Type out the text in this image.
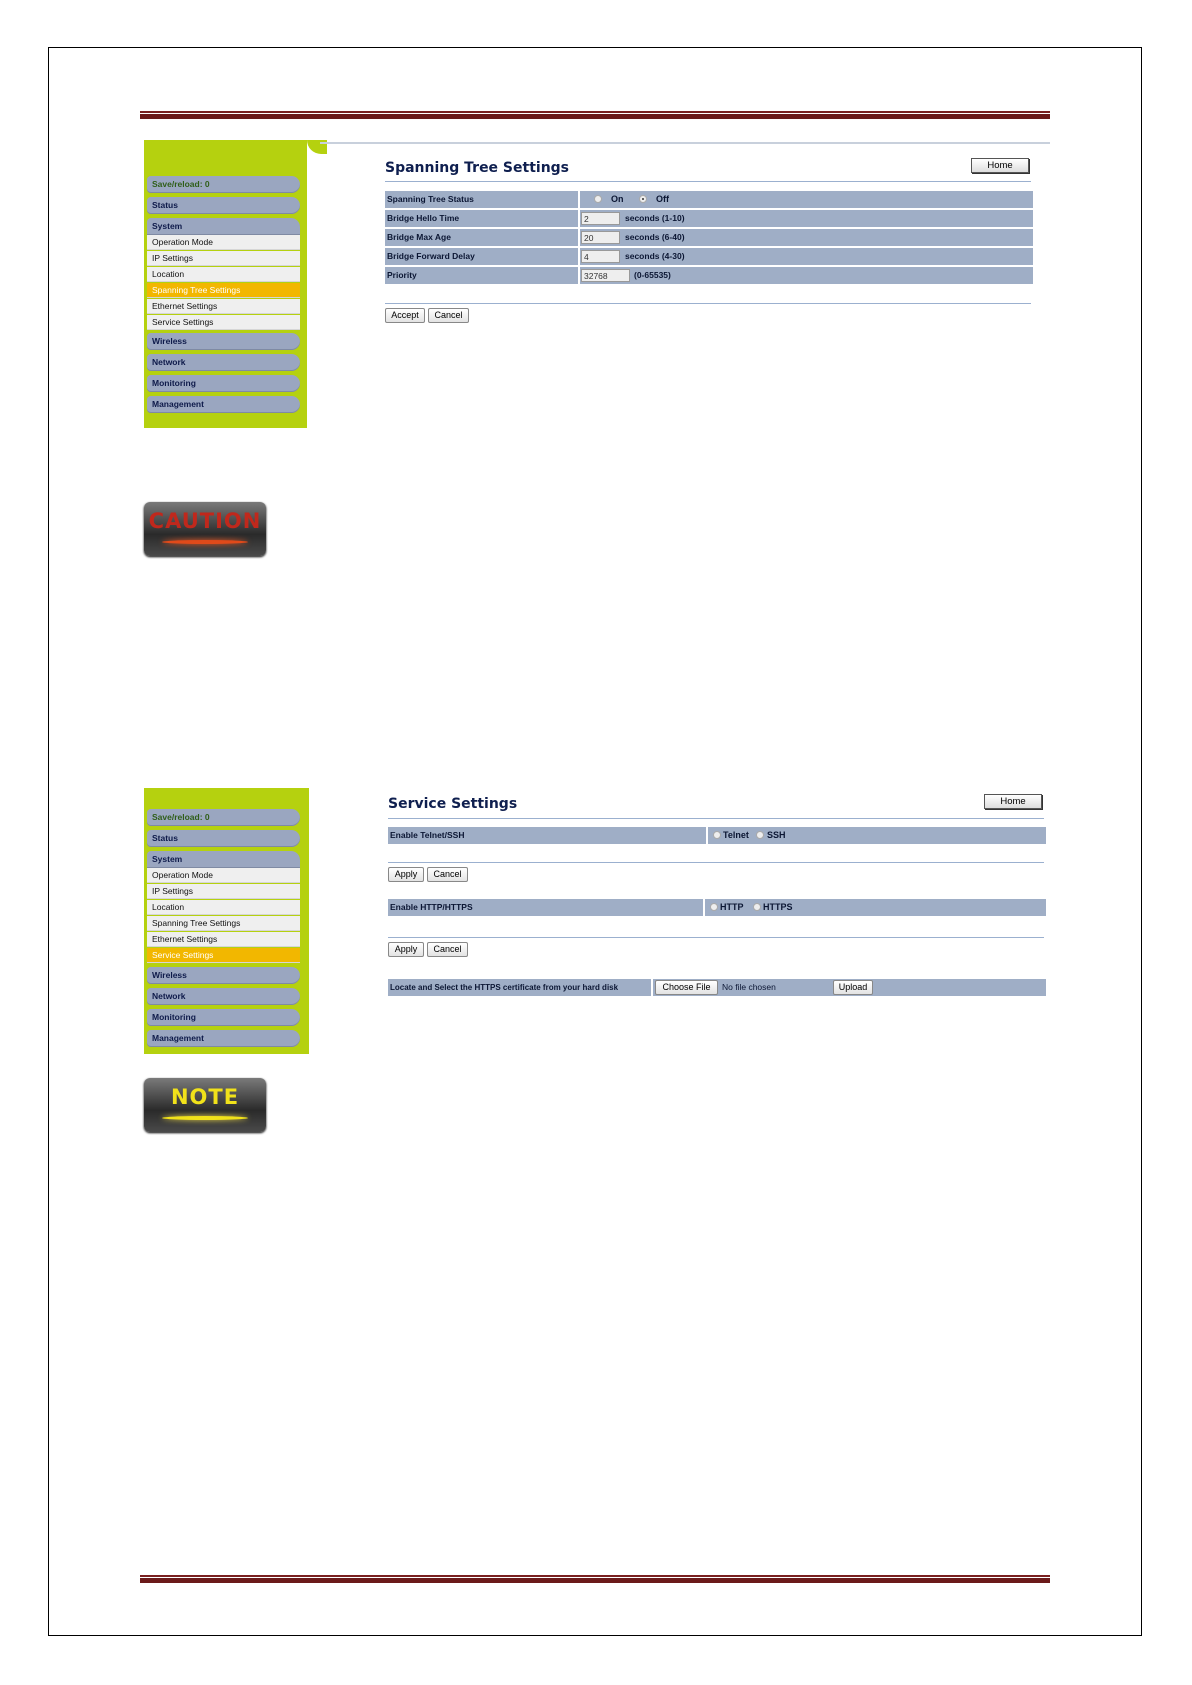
Save/reload: 0
Status
System
Operation Mode
IP Settings
Location
Spanning Tree Settings
Ethernet Settings
Service Settings
Wireless
Network
Monitoring
Management
Spanning Tree Settings	Home
Spanning Tree Status	On	Off
Bridge Hello Time	2	seconds (1-10)
Bridge Max Age	20	seconds (6-40)
Bridge Forward Delay	4	seconds (4-30)
Priority	32768	(0-65535)
Accept	Cancel
CAUTION
Save/reload: 0
Status
System
Operation Mode
IP Settings
Location
Spanning Tree Settings
Ethernet Settings
Service Settings
Wireless
Network
Monitoring
Management
Service Settings	Home
Enable Telnet/SSH	Telnet SSH
Apply	Cancel
Enable HTTP/HTTPS	HTTP HTTPS
Apply	Cancel
Locate and Select the HTTPS certificate from your hard disk	Choose File	No file chosen	Upload
NOTE
